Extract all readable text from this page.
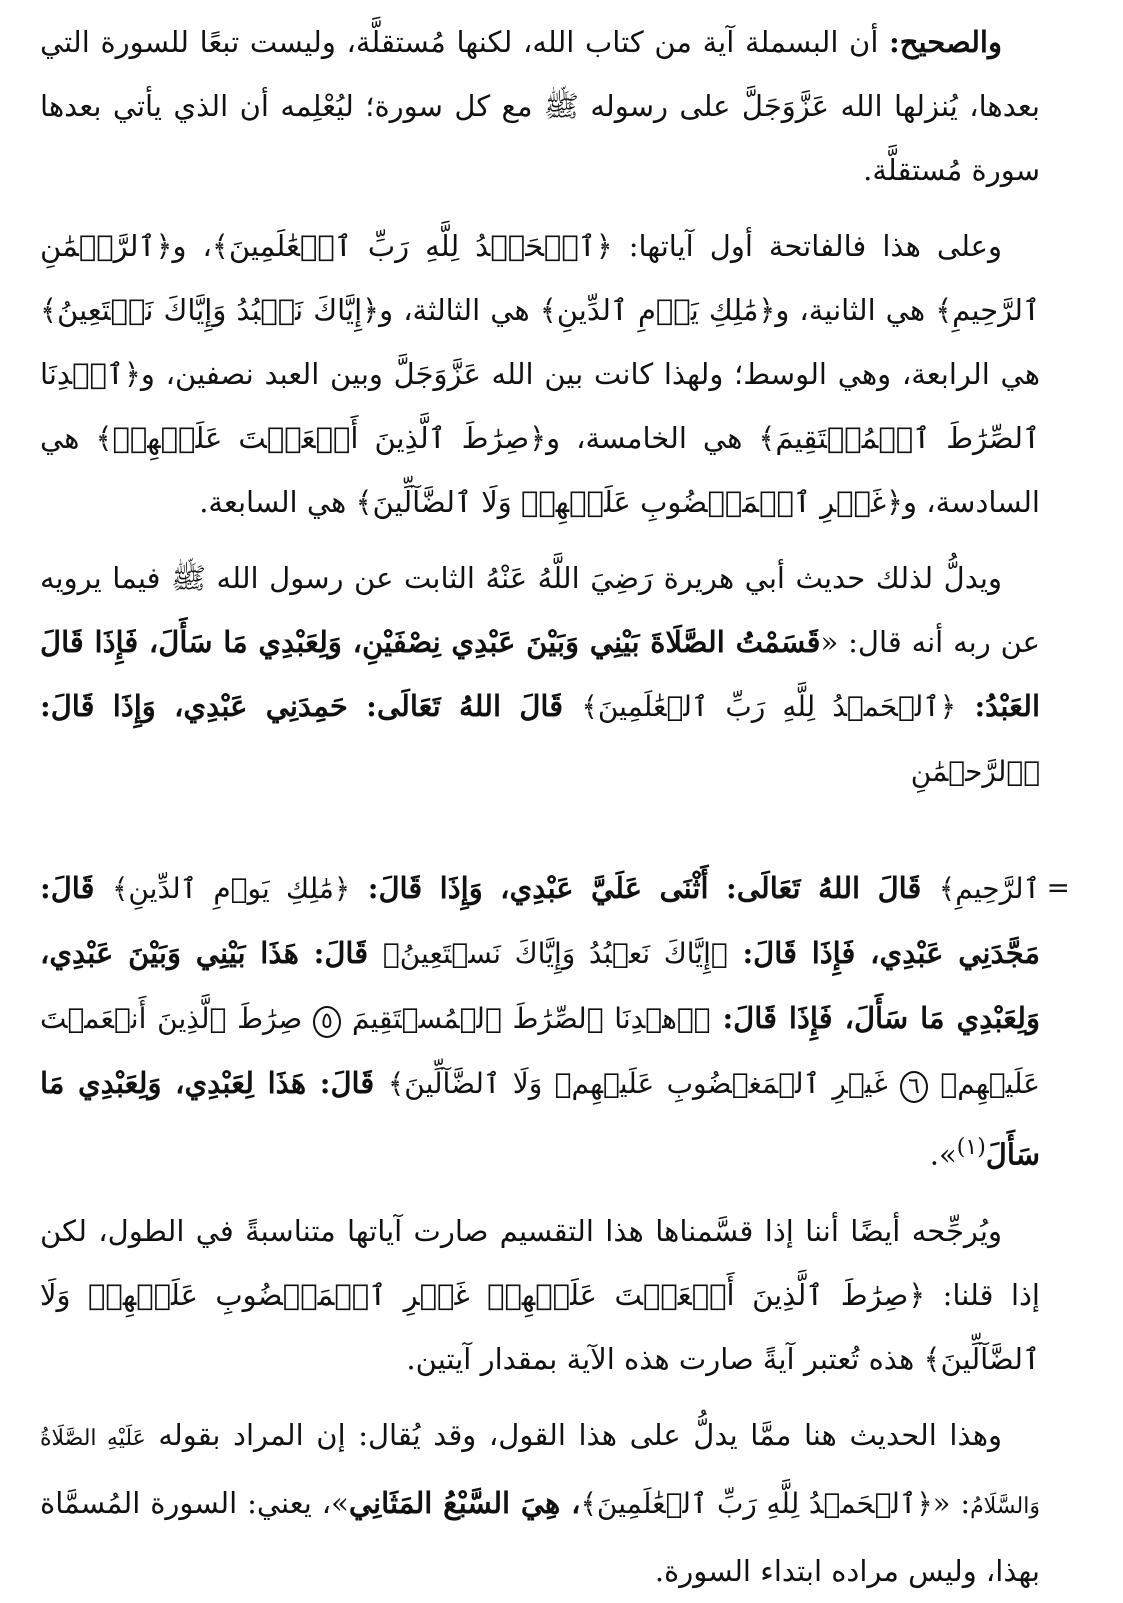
والصحيح: أن البسملة آية من كتاب الله، لكنها مُستقلَّة، وليست تبعًا للسورة التي بعدها، يُنزلها الله عَزَّوَجَلَّ على رسوله ﷺ مع كل سورة؛ ليُعْلِمه أن الذي يأتي بعدها سورة مُستقلَّة.

وعلى هذا فالفاتحة أول آياتها: ﴿ٱلۡحَمۡدُ لِلَّهِ رَبِّ ٱلۡعَٰلَمِينَ﴾، و﴿ٱلرَّحۡمَٰنِ ٱلرَّحِيمِ﴾ هي الثانية، و﴿مَٰلِكِ يَوۡمِ ٱلدِّينِ﴾ هي الثالثة، و﴿إِيَّاكَ نَعۡبُدُ وَإِيَّاكَ نَسۡتَعِينُ﴾ هي الرابعة، وهي الوسط؛ ولهذا كانت بين الله عَزَّوَجَلَّ وبين العبد نصفين، و﴿ٱهۡدِنَا ٱلصِّرَٰطَ ٱلۡمُسۡتَقِيمَ﴾ هي الخامسة، و﴿صِرَٰطَ ٱلَّذِينَ أَنۡعَمۡتَ عَلَيۡهِمۡ﴾ هي السادسة، و﴿غَيۡرِ ٱلۡمَغۡضُوبِ عَلَيۡهِمۡ وَلَا ٱلضَّآلِّينَ﴾ هي السابعة.

ويدلُّ لذلك حديث أبي هريرة رَضِيَ اللَّهُ عَنْهُ الثابت عن رسول الله ﷺ فيما يرويه عن ربه أنه قال: «قَسَمْتُ الصَّلَاةَ بَيْنِي وَبَيْنَ عَبْدِي نِصْفَيْنِ، وَلِعَبْدِي مَا سَأَلَ، فَإِذَا قَالَ العَبْدُ: ﴿ٱلۡحَمۡدُ لِلَّهِ رَبِّ ٱلۡعَٰلَمِينَ﴾ قَالَ اللهُ تَعَالَى: حَمِدَنِي عَبْدِي، وَإِذَا قَالَ: ﴿ٱلرَّحۡمَٰنِ

=
ٱلرَّحِيمِ﴾ قَالَ اللهُ تَعَالَى: أَثْنَى عَلَيَّ عَبْدِي، وَإِذَا قَالَ: ﴿مَٰلِكِ يَوۡمِ ٱلدِّينِ﴾ قَالَ: مَجَّدَنِي عَبْدِي، فَإِذَا قَالَ: ﴿إِيَّاكَ نَعۡبُدُ وَإِيَّاكَ نَسۡتَعِينُ﴾ قَالَ: هَذَا بَيْنِي وَبَيْنَ عَبْدِي، وَلِعَبْدِي مَا سَأَلَ، فَإِذَا قَالَ: ﴿ٱهۡدِنَا ٱلصِّرَٰطَ ٱلۡمُسۡتَقِيمَ ٥ صِرَٰطَ ٱلَّذِينَ أَنۡعَمۡتَ عَلَيۡهِمۡ ٦ غَيۡرِ ٱلۡمَغۡضُوبِ عَلَيۡهِمۡ وَلَا ٱلضَّآلِّينَ﴾ قَالَ: هَذَا لِعَبْدِي، وَلِعَبْدِي مَا سَأَلَ$^{(١)}$».

ويُرجِّحه أيضًا أننا إذا قسَّمناها هذا التقسيم صارت آياتها متناسبةً في الطول، لكن إذا قلنا: ﴿صِرَٰطَ ٱلَّذِينَ أَنۡعَمۡتَ عَلَيۡهِمۡ غَيۡرِ ٱلۡمَغۡضُوبِ عَلَيۡهِمۡ وَلَا ٱلضَّآلِّينَ﴾ هذه تُعتبر آيةً صارت هذه الآية بمقدار آيتين.

وهذا الحديث هنا ممَّا يدلُّ على هذا القول، وقد يُقال: إن المراد بقوله عَلَيْهِ الصَّلَاةُ وَالسَّلَامُ: «﴿ٱلۡحَمۡدُ لِلَّهِ رَبِّ ٱلۡعَٰلَمِينَ﴾، هِيَ السَّبْعُ المَثَانِي»، يعني: السورة المُسمَّاة بهذا، وليس مراده ابتداء السورة.
